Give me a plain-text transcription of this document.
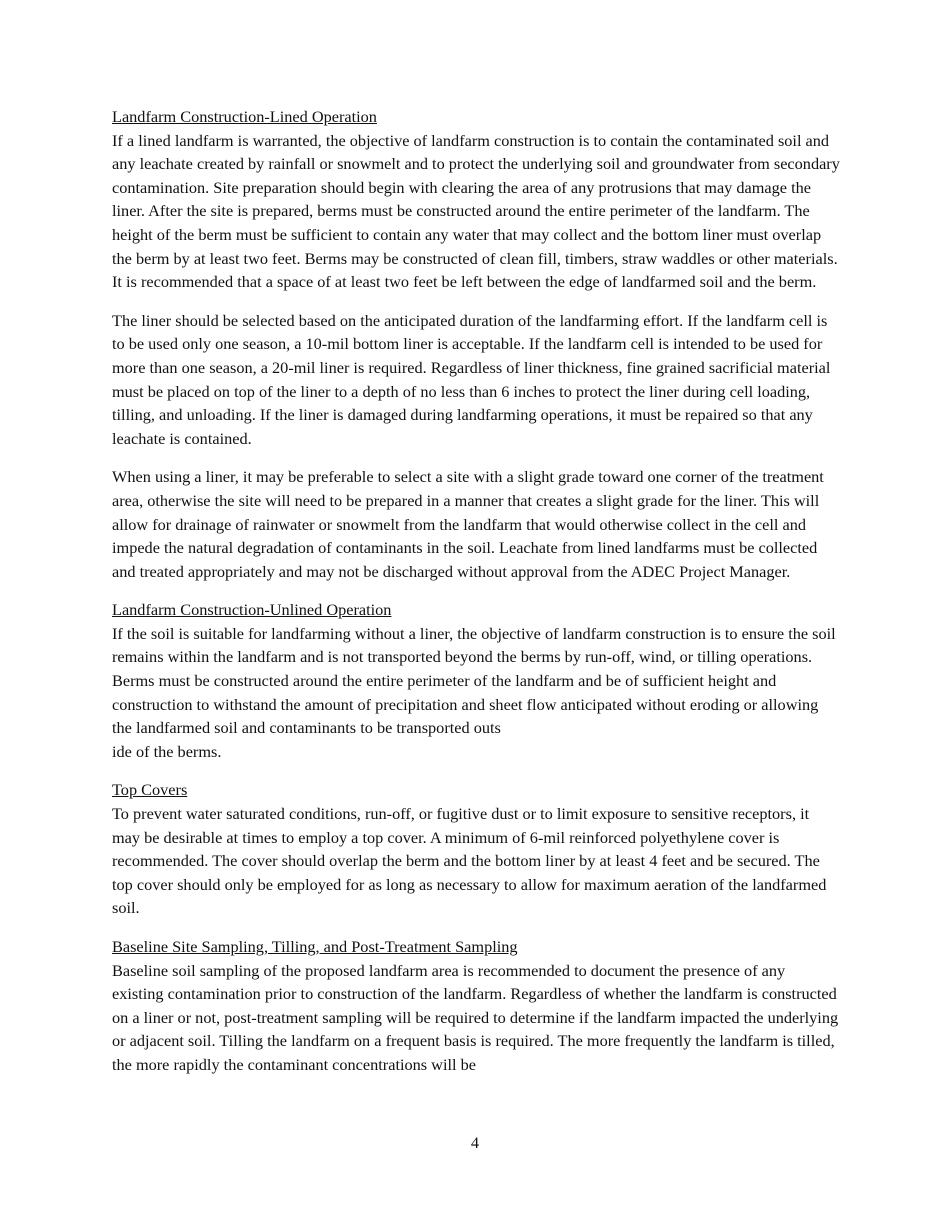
Landfarm Construction-Lined Operation

If a lined landfarm is warranted, the objective of landfarm construction is to contain the contaminated soil and any leachate created by rainfall or snowmelt and to protect the underlying soil and groundwater from secondary contamination. Site preparation should begin with clearing the area of any protrusions that may damage the liner. After the site is prepared, berms must be constructed around the entire perimeter of the landfarm. The height of the berm must be sufficient to contain any water that may collect and the bottom liner must overlap the berm by at least two feet. Berms may be constructed of clean fill, timbers, straw waddles or other materials. It is recommended that a space of at least two feet be left between the edge of landfarmed soil and the berm.

The liner should be selected based on the anticipated duration of the landfarming effort. If the landfarm cell is to be used only one season, a 10-mil bottom liner is acceptable. If the landfarm cell is intended to be used for more than one season, a 20-mil liner is required. Regardless of liner thickness, fine grained sacrificial material must be placed on top of the liner to a depth of no less than 6 inches to protect the liner during cell loading, tilling, and unloading. If the liner is damaged during landfarming operations, it must be repaired so that any leachate is contained.

When using a liner, it may be preferable to select a site with a slight grade toward one corner of the treatment area, otherwise the site will need to be prepared in a manner that creates a slight grade for the liner. This will allow for drainage of rainwater or snowmelt from the landfarm that would otherwise collect in the cell and impede the natural degradation of contaminants in the soil. Leachate from lined landfarms must be collected and treated appropriately and may not be discharged without approval from the ADEC Project Manager.

Landfarm Construction-Unlined Operation

If the soil is suitable for landfarming without a liner, the objective of landfarm construction is to ensure the soil remains within the landfarm and is not transported beyond the berms by run-off, wind, or tilling operations. Berms must be constructed around the entire perimeter of the landfarm and be of sufficient height and construction to withstand the amount of precipitation and sheet flow anticipated without eroding or allowing the landfarmed soil and contaminants to be transported outs
ide of the berms.

Top Covers

To prevent water saturated conditions, run-off, or fugitive dust or to limit exposure to sensitive receptors, it may be desirable at times to employ a top cover. A minimum of 6-mil reinforced polyethylene cover is recommended. The cover should overlap the berm and the bottom liner by at least 4 feet and be secured. The top cover should only be employed for as long as necessary to allow for maximum aeration of the landfarmed soil.

Baseline Site Sampling, Tilling, and Post-Treatment Sampling

Baseline soil sampling of the proposed landfarm area is recommended to document the presence of any existing contamination prior to construction of the landfarm. Regardless of whether the landfarm is constructed on a liner or not, post-treatment sampling will be required to determine if the landfarm impacted the underlying or adjacent soil. Tilling the landfarm on a frequent basis is required. The more frequently the landfarm is tilled, the more rapidly the contaminant concentrations will be

4
